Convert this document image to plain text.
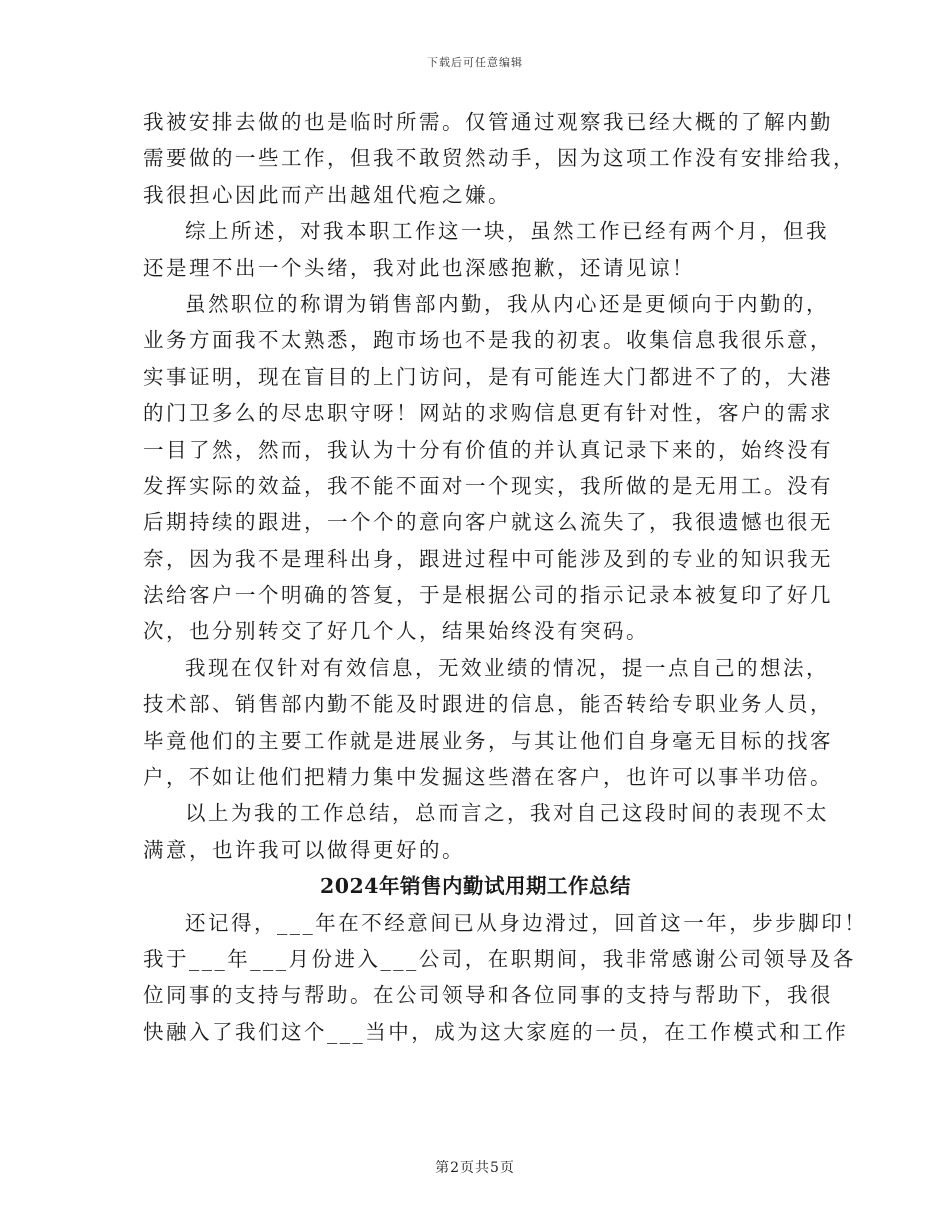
下载后可任意编辑
我被安排去做的也是临时所需。仅管通过观察我已经大概的了解内勤
需要做的一些工作，但我不敢贸然动手，因为这项工作没有安排给我，
我很担心因此而产出越俎代疱之嫌。
综上所述，对我本职工作这一块，虽然工作已经有两个月，但我
还是理不出一个头绪，我对此也深感抱歉，还请见谅！
虽然职位的称谓为销售部内勤，我从内心还是更倾向于内勤的，
业务方面我不太熟悉，跑市场也不是我的初衷。收集信息我很乐意，
实事证明，现在盲目的上门访问，是有可能连大门都进不了的，大港
的门卫多么的尽忠职守呀！网站的求购信息更有针对性，客户的需求
一目了然，然而，我认为十分有价值的并认真记录下来的，始终没有
发挥实际的效益，我不能不面对一个现实，我所做的是无用工。没有
后期持续的跟进，一个个的意向客户就这么流失了，我很遗憾也很无
奈，因为我不是理科出身，跟进过程中可能涉及到的专业的知识我无
法给客户一个明确的答复，于是根据公司的指示记录本被复印了好几
次，也分别转交了好几个人，结果始终没有突码。
我现在仅针对有效信息，无效业绩的情况，提一点自己的想法，
技术部、销售部内勤不能及时跟进的信息，能否转给专职业务人员，
毕竟他们的主要工作就是进展业务，与其让他们自身毫无目标的找客
户，不如让他们把精力集中发掘这些潜在客户，也许可以事半功倍。
以上为我的工作总结，总而言之，我对自己这段时间的表现不太
满意，也许我可以做得更好的。
2024年销售内勤试用期工作总结
还记得，___年在不经意间已从身边滑过，回首这一年，步步脚印！
我于___年___月份进入___公司，在职期间，我非常感谢公司领导及各
位同事的支持与帮助。在公司领导和各位同事的支持与帮助下，我很
快融入了我们这个___当中，成为这大家庭的一员，在工作模式和工作
第2页共5页
